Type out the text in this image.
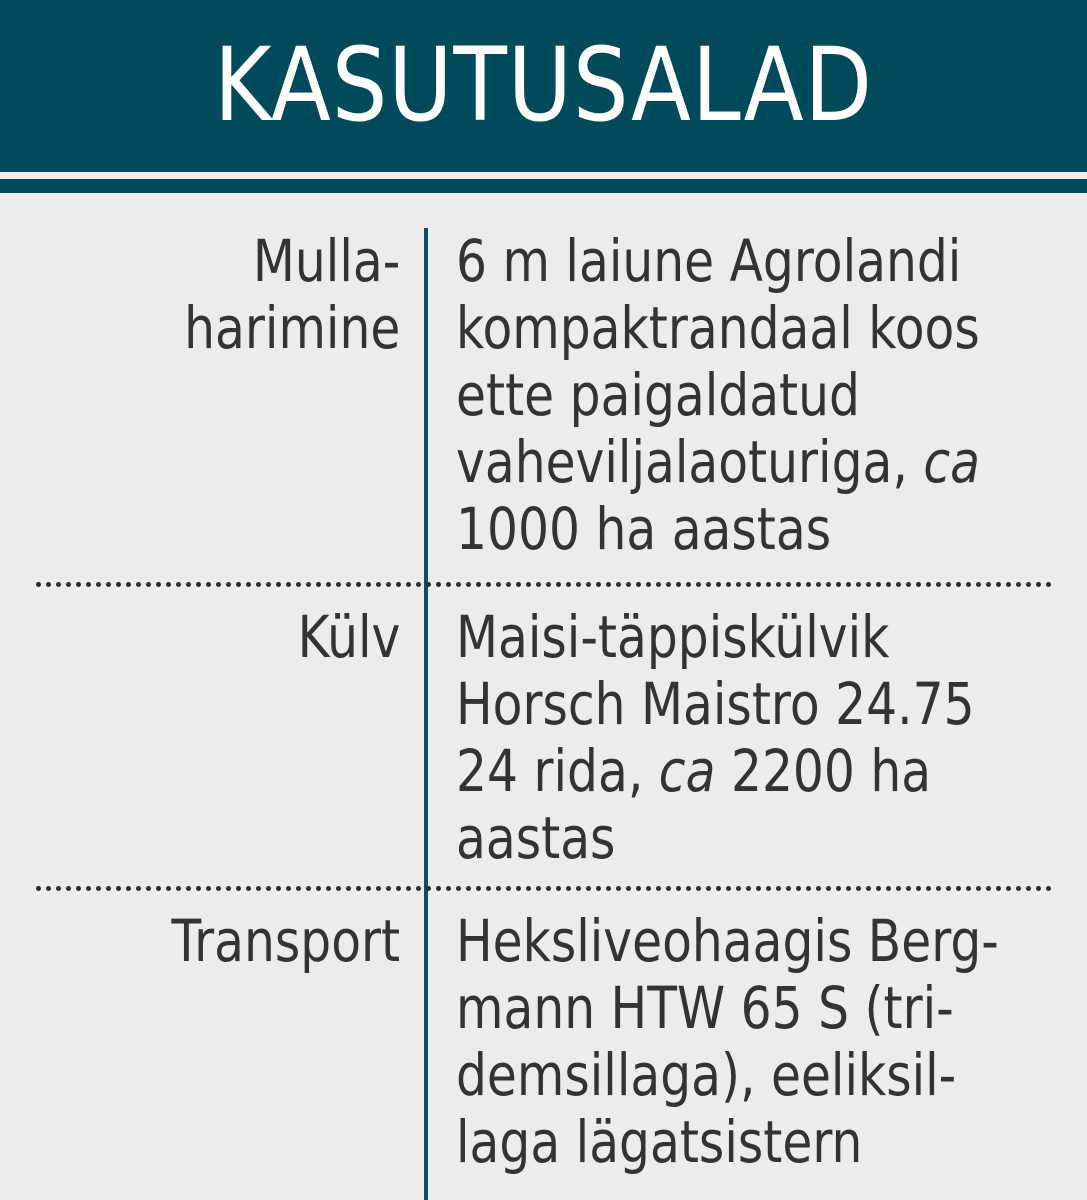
KASUTUSALAD
Mulla-
harimine
6 m laiune Agrolandi
kompaktrandaal koos
ette paigaldatud
vaheviljalaoturiga, ca
1000 ha aastas
Külv Maisi-täppiskülvik
Horsch Maistro 24.75
24 rida, ca 2200 ha
aastas
Transport Hekslivеohaagis Berg-
mann HTW 65 S (tri-
demsillaga), eeliksil-
laga lägatsistern
